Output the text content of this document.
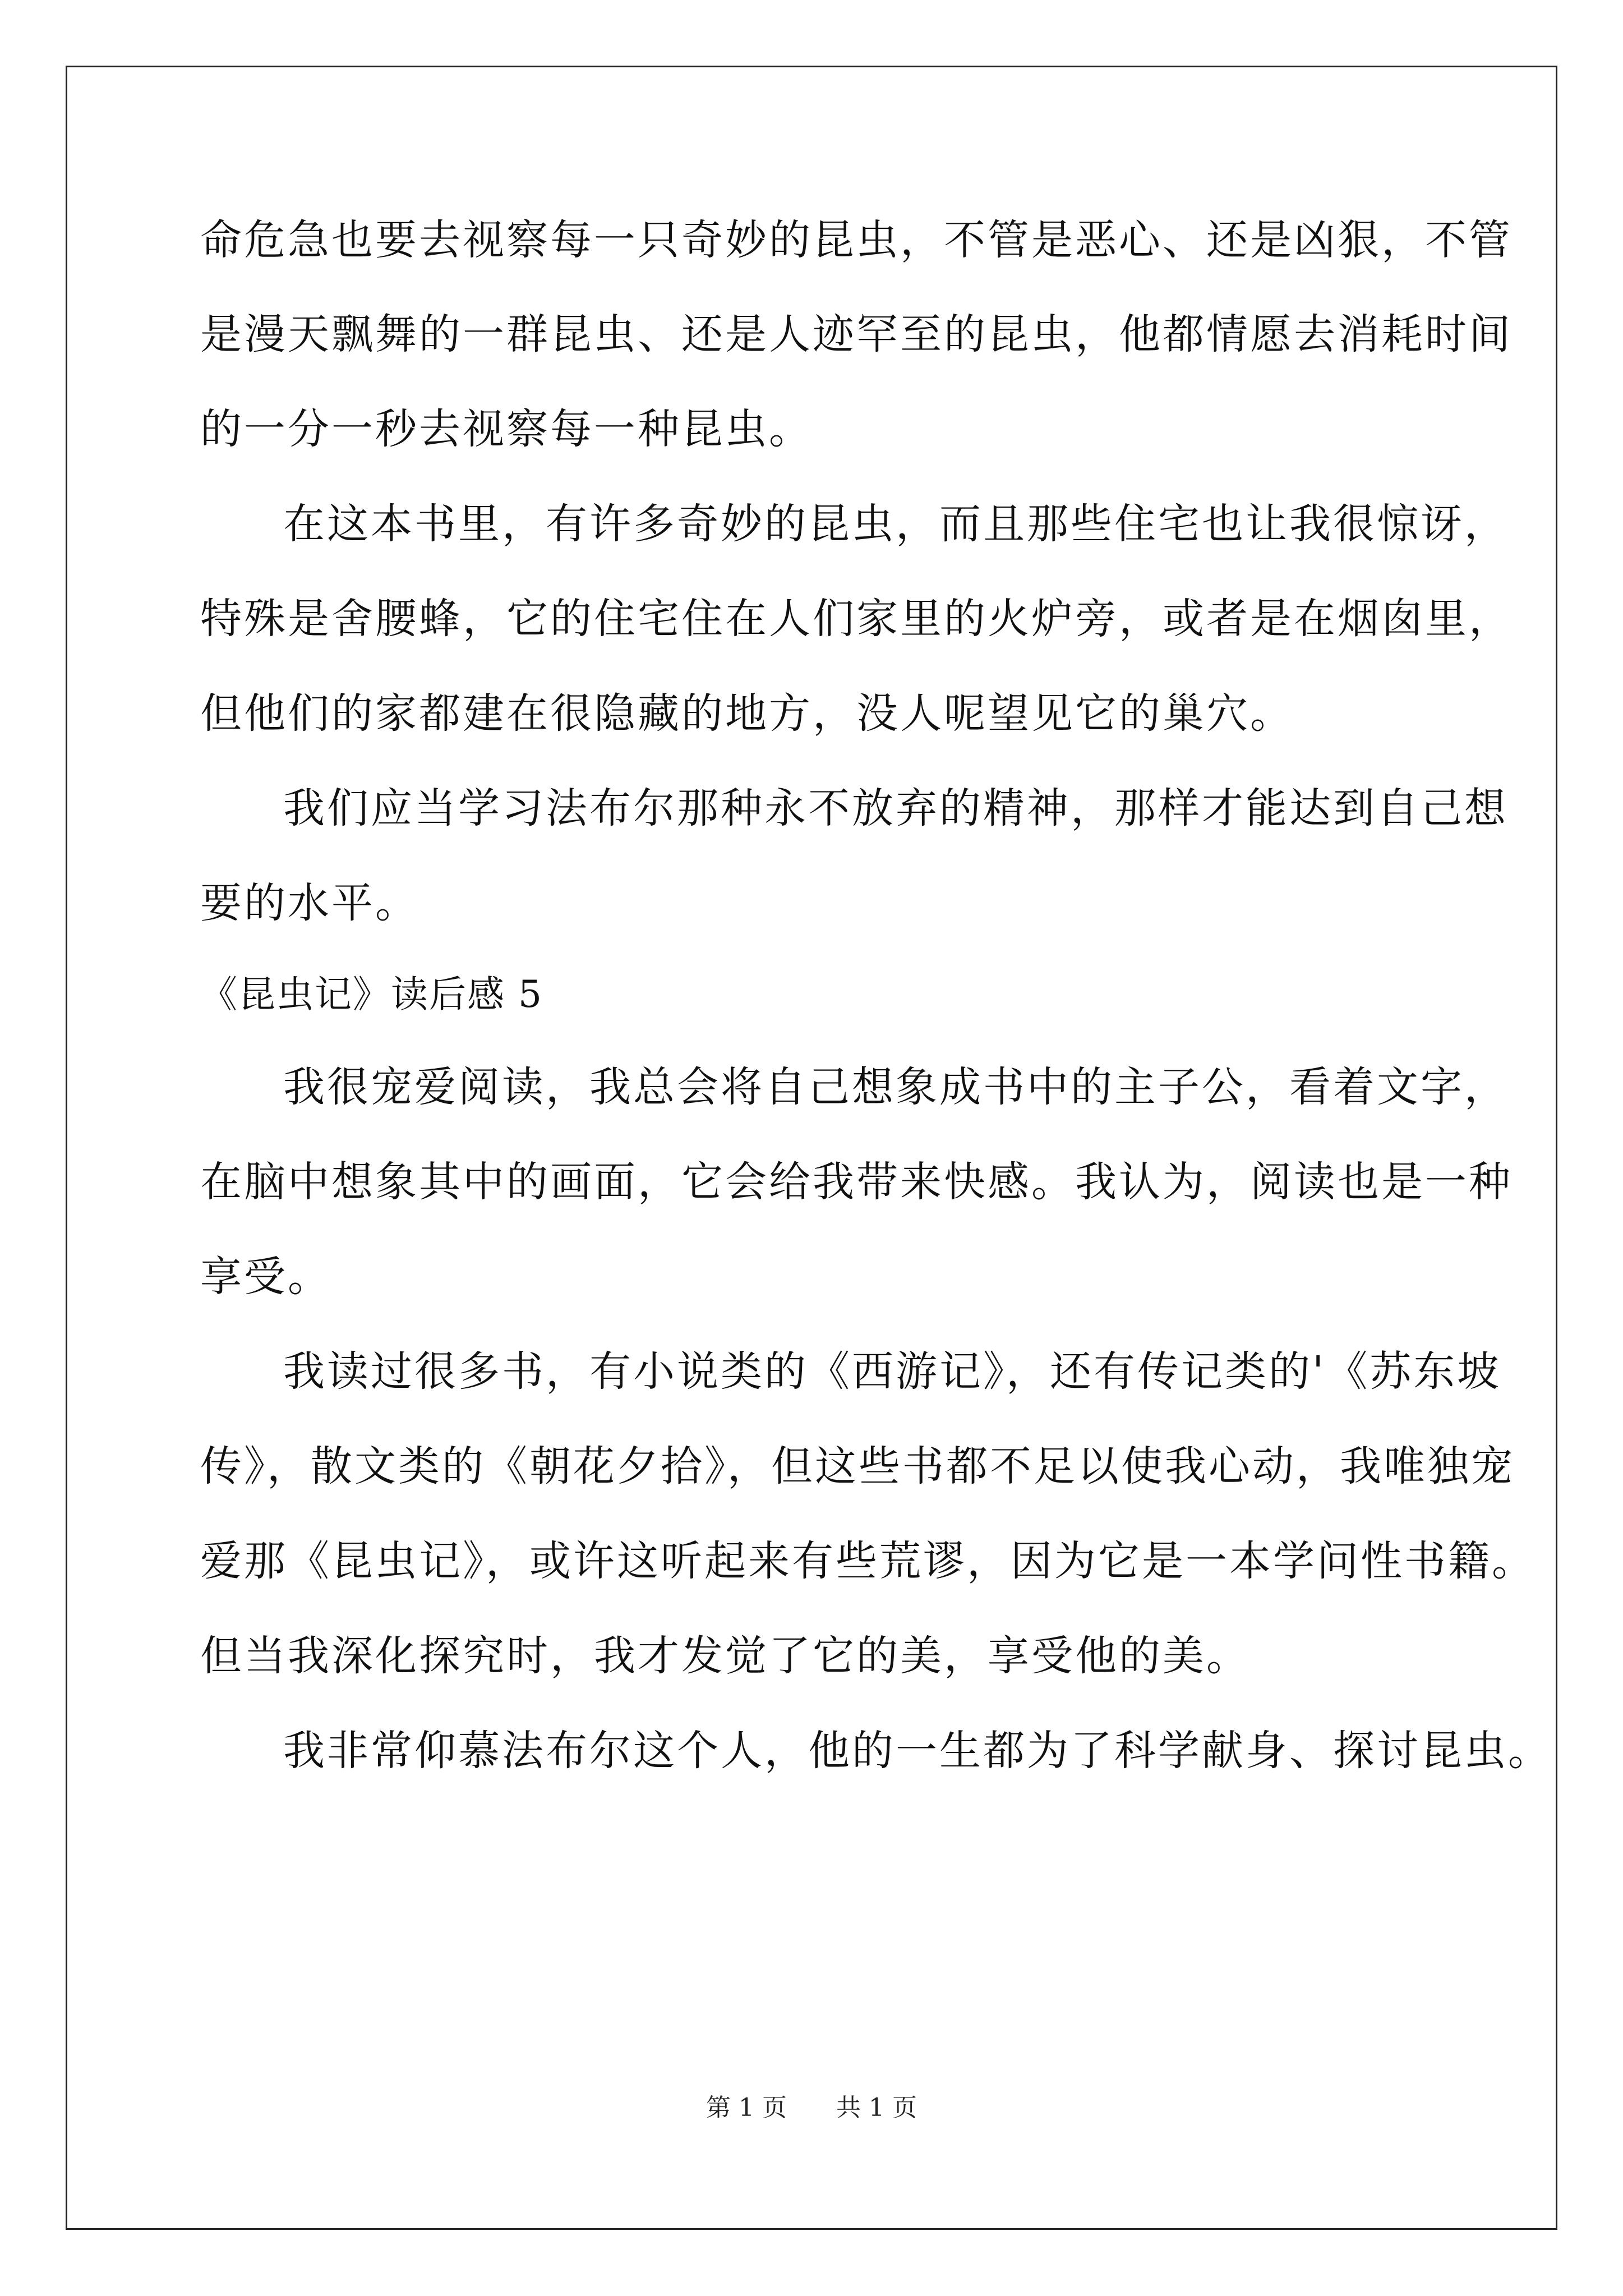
命危急也要去视察每一只奇妙的昆虫，不管是恶心、还是凶狠，不管
是漫天飘舞的一群昆虫、还是人迹罕至的昆虫，他都情愿去消耗时间
的一分一秒去视察每一种昆虫。
在这本书里，有许多奇妙的昆虫，而且那些住宅也让我很惊讶，
特殊是舍腰蜂，它的住宅住在人们家里的火炉旁，或者是在烟囱里，
但他们的家都建在很隐藏的地方，没人呢望见它的巢穴。
我们应当学习法布尔那种永不放弃的精神，那样才能达到自己想
要的水平。
《昆虫记》读后感 5
我很宠爱阅读，我总会将自己想象成书中的主子公，看着文字，
在脑中想象其中的画面，它会给我带来快感。我认为，阅读也是一种
享受。
我读过很多书，有小说类的《西游记》，还有传记类的'《苏东坡
传》，散文类的《朝花夕拾》，但这些书都不足以使我心动，我唯独宠
爱那《昆虫记》，或许这听起来有些荒谬，因为它是一本学问性书籍。
但当我深化探究时，我才发觉了它的美，享受他的美。
我非常仰慕法布尔这个人，他的一生都为了科学献身、探讨昆虫。
第 1 页 共 1 页
